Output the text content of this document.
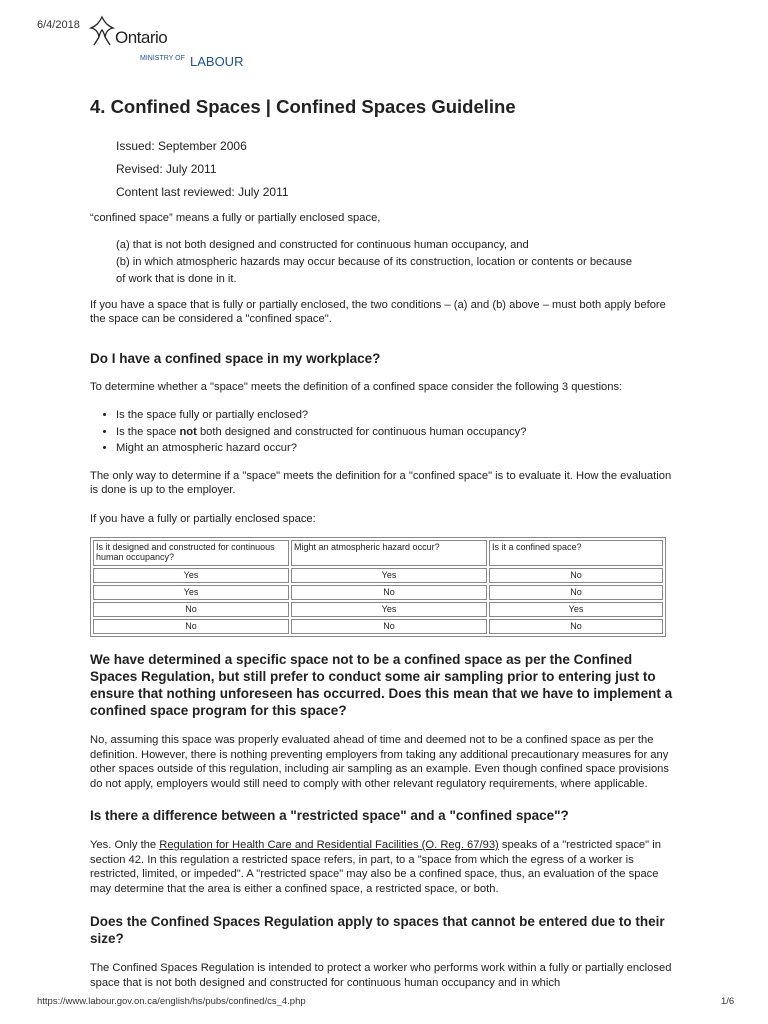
6/4/2018
Ontario
MINISTRY OF LABOUR
4. Confined Spaces | Confined Spaces Guideline

Issued: September 2006

Revised: July 2011

Content last reviewed: July 2011

“confined space” means a fully or partially enclosed space,

(a) that is not both designed and constructed for continuous human occupancy, and
(b) in which atmospheric hazards may occur because of its construction, location or contents or because
of work that is done in it.

If you have a space that is fully or partially enclosed, the two conditions – (a) and (b) above – must both apply before the space can be considered a "confined space".

Do I have a confined space in my workplace?

To determine whether a "space" meets the definition of a confined space consider the following 3 questions:

• Is the space fully or partially enclosed?
• Is the space not both designed and constructed for continuous human occupancy?
• Might an atmospheric hazard occur?

The only way to determine if a "space" meets the definition for a "confined space" is to evaluate it. How the evaluation is done is up to the employer.

If you have a fully or partially enclosed space:

Is it designed and constructed for continuous human occupancy?	Might an atmospheric hazard occur?	Is it a confined space?
Yes	Yes	No
Yes	No	No
No	Yes	Yes
No	No	No
We have determined a specific space not to be a confined space as per the Confined Spaces Regulation, but still prefer to conduct some air sampling prior to entering just to ensure that nothing unforeseen has occurred. Does this mean that we have to implement a confined space program for this space?

No, assuming this space was properly evaluated ahead of time and deemed not to be a confined space as per the definition. However, there is nothing preventing employers from taking any additional precautionary measures for any other spaces outside of this regulation, including air sampling as an example. Even though confined space provisions do not apply, employers would still need to comply with other relevant regulatory requirements, where applicable.

Is there a difference between a "restricted space" and a "confined space"?

Yes. Only the Regulation for Health Care and Residential Facilities (O. Reg. 67/93) speaks of a "restricted space" in section 42. In this regulation a restricted space refers, in part, to a "space from which the egress of a worker is restricted, limited, or impeded". A "restricted space" may also be a confined space, thus, an evaluation of the space may determine that the area is either a confined space, a restricted space, or both.

Does the Confined Spaces Regulation apply to spaces that cannot be entered due to their size?

The Confined Spaces Regulation is intended to protect a worker who performs work within a fully or partially enclosed space that is not both designed and constructed for continuous human occupancy and in which

https://www.labour.gov.on.ca/english/hs/pubs/confined/cs_4.php	1/6
